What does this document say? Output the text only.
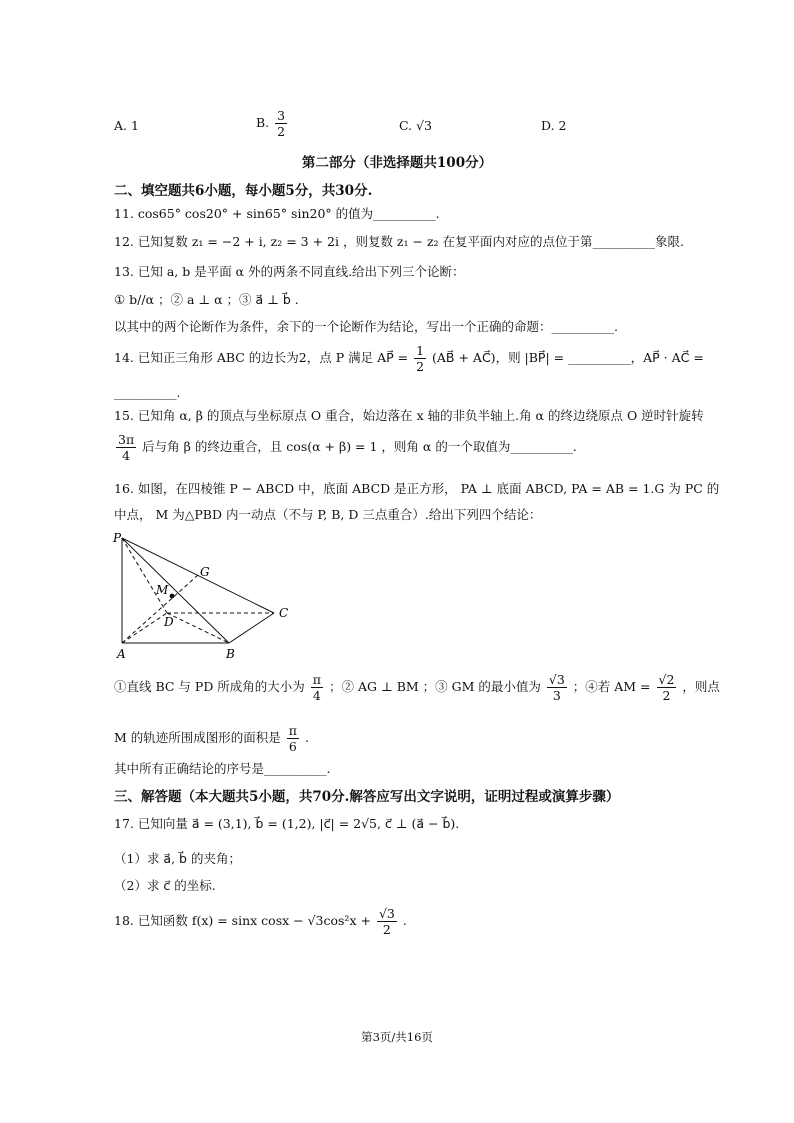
A. 1	B. $\frac{3}{2}$	C. √3	D. 2
第二部分（非选择题共100分）
二、填空题共6小题，每小题5分，共30分.
11. cos65° cos20° + sin65° sin20° 的值为__________.
12. 已知复数 z₁ = −2 + i, z₂ = 3 + 2i ，则复数 z₁ − z₂ 在复平面内对应的点位于第__________象限.
13. 已知 a, b 是平面 α 外的两条不同直线.给出下列三个论断：
① b//α ；② a ⊥ α ；③ a⃗ ⊥ b⃗ .
以其中的两个论断作为条件，余下的一个论断作为结论，写出一个正确的命题：__________.
14. 已知正三角形 ABC 的边长为2，点 P 满足 AP⃗ = $\frac{1}{2}$ (AB⃗ + AC⃗)，则 |BP⃗| = __________，AP⃗ · AC⃗ =
__________.
15. 已知角 α, β 的顶点与坐标原点 O 重合，始边落在 x 轴的非负半轴上.角 α 的终边绕原点 O 逆时针旋转
$\frac{3\pi}{4}$ 后与角 β 的终边重合，且 cos(α + β) = 1 ，则角 α 的一个取值为__________.
16. 如图，在四棱锥 P − ABCD 中，底面 ABCD 是正方形， PA ⊥ 底面 ABCD, PA = AB = 1.G 为 PC 的
中点， M 为△PBD 内一动点（不与 P, B, D 三点重合）.给出下列四个结论：
P
G
M
D
C
A	B
①直线 BC 与 PD 所成角的大小为 $\frac{\pi}{4}$ ；② AG ⊥ BM ；③ GM 的最小值为 $\frac{√3}{3}$ ；④若 AM = $\frac{√2}{2}$ ，则点
M 的轨迹所围成图形的面积是 $\frac{\pi}{6}$ .
其中所有正确结论的序号是__________.
三、解答题（本大题共5小题，共70分.解答应写出文字说明，证明过程或演算步骤）
17. 已知向量 a⃗ = (3,1), b⃗ = (1,2), |c⃗| = 2√5, c⃗ ⊥ (a⃗ − b⃗).
（1）求 a⃗, b⃗ 的夹角；
（2）求 c⃗ 的坐标.
18. 已知函数 f(x) = sinx $\cos x - √3\cos^2x + \frac{√3}{2}$ .
第3页/共16页
